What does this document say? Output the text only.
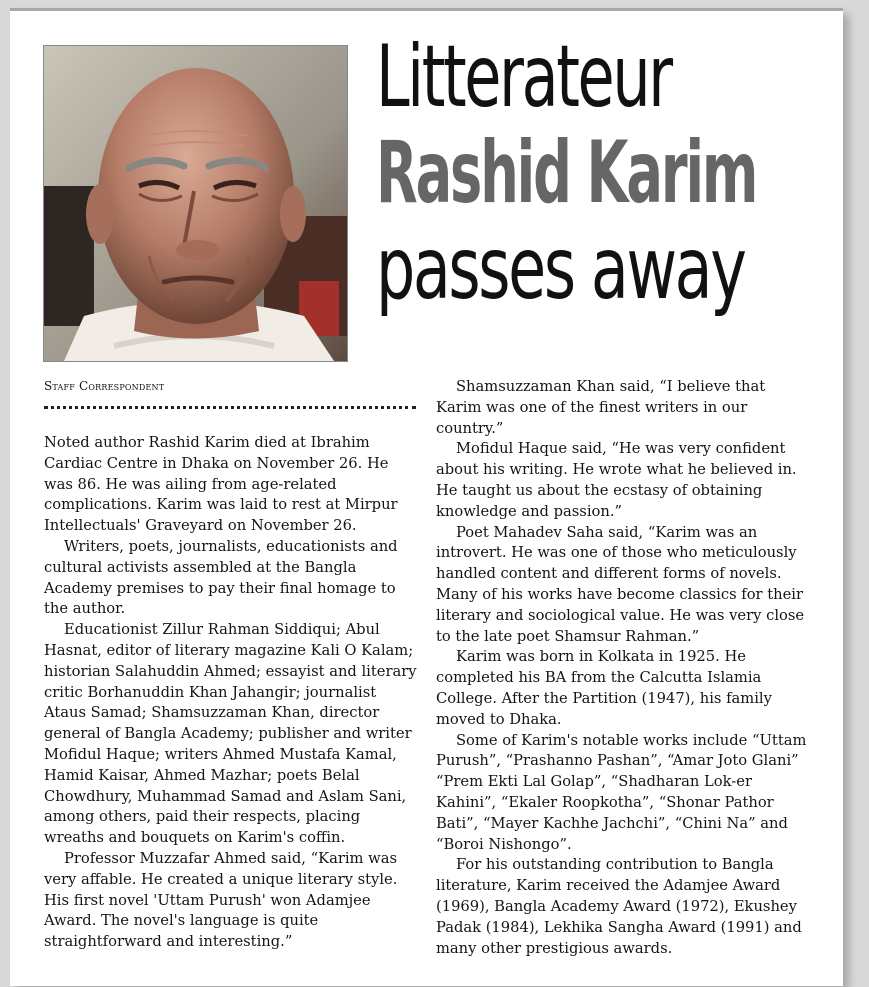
Litterateur
Rashid Karim
passes away
Staff Correspondent

Noted author Rashid Karim died at Ibrahim Cardiac Centre in Dhaka on November 26. He was 86. He was ailing from age-related complications. Karim was laid to rest at Mirpur Intellectuals' Graveyard on November 26.

Writers, poets, journalists, educationists and cultural activists assembled at the Bangla Academy premises to pay their final homage to the author.

Educationist Zillur Rahman Siddiqui; Abul Hasnat, editor of literary magazine Kali O Kalam; historian Salahuddin Ahmed; essayist and literary critic Borhanuddin Khan Jahangir; journalist Ataus Samad; Shamsuzzaman Khan, director general of Bangla Academy; publisher and writer Mofidul Haque; writers Ahmed Mustafa Kamal, Hamid Kaisar, Ahmed Mazhar; poets Belal Chowdhury, Muhammad Samad and Aslam Sani, among others, paid their respects, placing wreaths and bouquets on Karim's coffin.

Professor Muzzafar Ahmed said, “Karim was very affable. He created a unique literary style. His first novel 'Uttam Purush' won Adamjee Award. The novel's language is quite straightforward and interesting.”

Shamsuzzaman Khan said, “I believe that Karim was one of the finest writers in our country.”

Mofidul Haque said, “He was very confident about his writing. He wrote what he believed in. He taught us about the ecstasy of obtaining knowledge and passion.”

Poet Mahadev Saha said, “Karim was an introvert. He was one of those who meticulously handled content and different forms of novels. Many of his works have become classics for their literary and sociological value. He was very close to the late poet Shamsur Rahman.”

Karim was born in Kolkata in 1925. He completed his BA from the Calcutta Islamia College. After the Partition (1947), his family moved to Dhaka.

Some of Karim's notable works include “Uttam Purush”, “Prashanno Pashan”, “Amar Joto Glani” “Prem Ekti Lal Golap”, “Shadharan Lok-er Kahini”, “Ekaler Roopkotha”, “Shonar Pathor Bati”, “Mayer Kachhe Jachchi”, “Chini Na” and “Boroi Nishongo”.

For his outstanding contribution to Bangla literature, Karim received the Adamjee Award (1969), Bangla Academy Award (1972), Ekushey Padak (1984), Lekhika Sangha Award (1991) and many other prestigious awards.
